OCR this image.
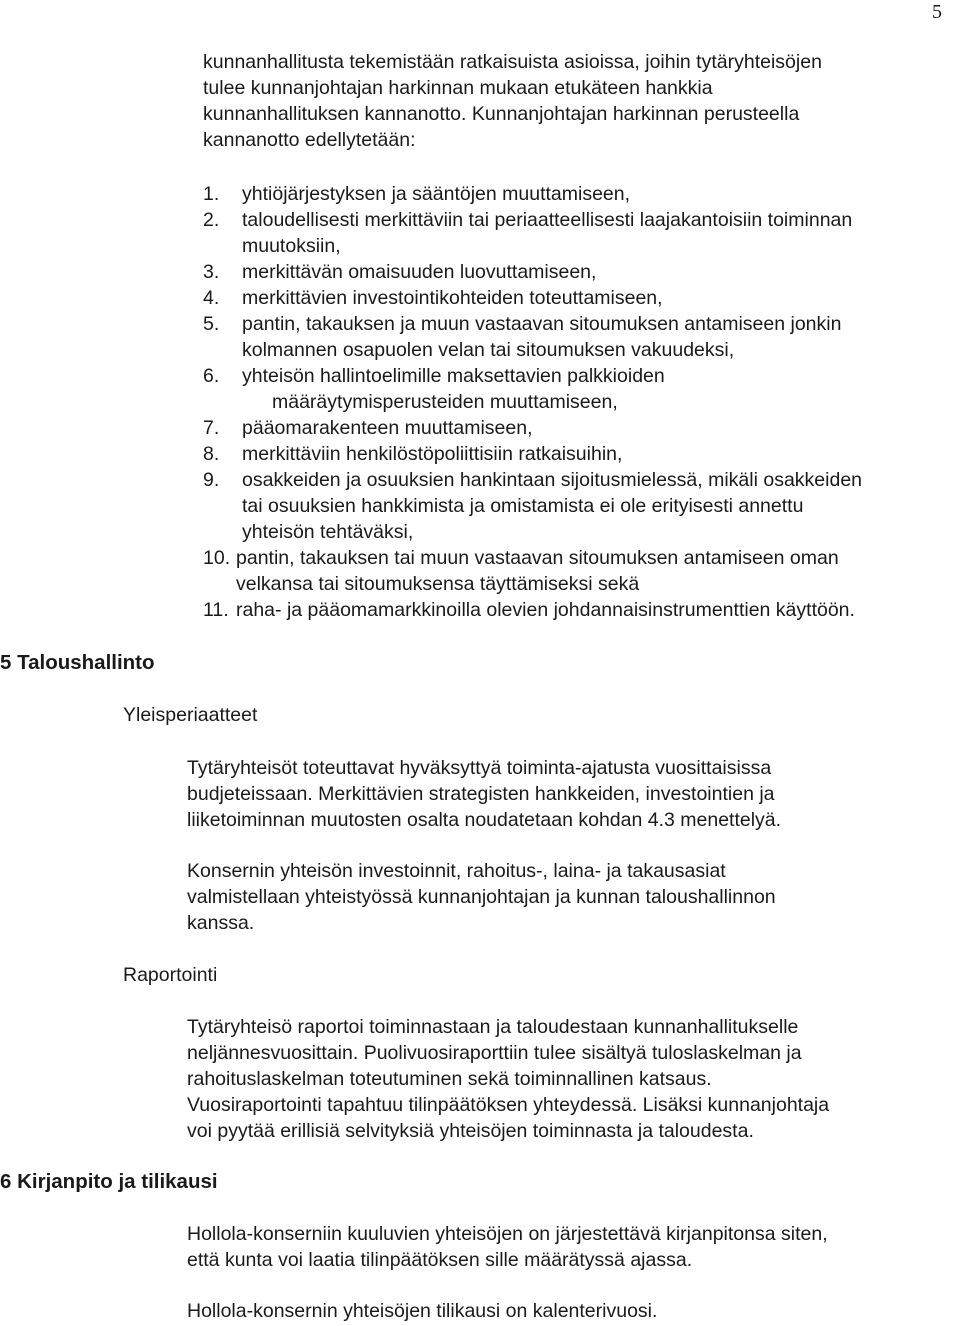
5

kunnanhallitusta tekemistään ratkaisuista asioissa, joihin tytäryhteisöjen
tulee kunnanjohtajan harkinnan mukaan etukäteen hankkia
kunnanhallituksen kannanotto. Kunnanjohtajan harkinnan perusteella
kannanotto edellytetään:

1.	yhtiöjärjestyksen ja sääntöjen muuttamiseen,
2.	taloudellisesti merkittäviin tai periaatteellisesti laajakantoisiin toiminnan
muutoksiin,
3.	merkittävän omaisuuden luovuttamiseen,
4.	merkittävien investointikohteiden toteuttamiseen,
5.	pantin, takauksen ja muun vastaavan sitoumuksen antamiseen jonkin
kolmannen osapuolen velan tai sitoumuksen vakuudeksi,
6.	yhteisön hallintoelimille maksettavien palkkioiden
määräytymisperusteiden muuttamiseen,
7.	pääomarakenteen muuttamiseen,
8.	merkittäviin henkilöstöpoliittisiin ratkaisuihin,
9.	osakkeiden ja osuuksien hankintaan sijoitusmielessä, mikäli osakkeiden
tai osuuksien hankkimista ja omistamista ei ole erityisesti annettu
yhteisön tehtäväksi,
10. pantin, takauksen tai muun vastaavan sitoumuksen antamiseen oman
velkansa tai sitoumuksensa täyttämiseksi sekä
11. raha- ja pääomamarkkinoilla olevien johdannaisinstrumenttien käyttöön.
5 Taloushallinto
Yleisperiaatteet

Tytäryhteisöt toteuttavat hyväksyttyä toiminta-ajatusta vuosittaisissa
budjeteissaan. Merkittävien strategisten hankkeiden, investointien ja
liiketoiminnan muutosten osalta noudatetaan kohdan 4.3 menettelyä.

Konsernin yhteisön investoinnit, rahoitus-, laina- ja takausasiat
valmistellaan yhteistyössä kunnanjohtajan ja kunnan taloushallinnon
kanssa.

Raportointi

Tytäryhteisö raportoi toiminnastaan ja taloudestaan kunnanhallitukselle
neljännesvuosittain. Puolivuosiraporttiin tulee sisältyä tuloslaskelman ja
rahoituslaskelman toteutuminen sekä toiminnallinen katsaus.
Vuosiraportointi tapahtuu tilinpäätöksen yhteydessä. Lisäksi kunnanjohtaja
voi pyytää erillisiä selvityksiä yhteisöjen toiminnasta ja taloudesta.

6 Kirjanpito ja tilikausi

Hollola-konserniin kuuluvien yhteisöjen on järjestettävä kirjanpitonsa siten,
että kunta voi laatia tilinpäätöksen sille määrätyssä ajassa.

Hollola-konsernin yhteisöjen tilikausi on kalenterivuosi.
